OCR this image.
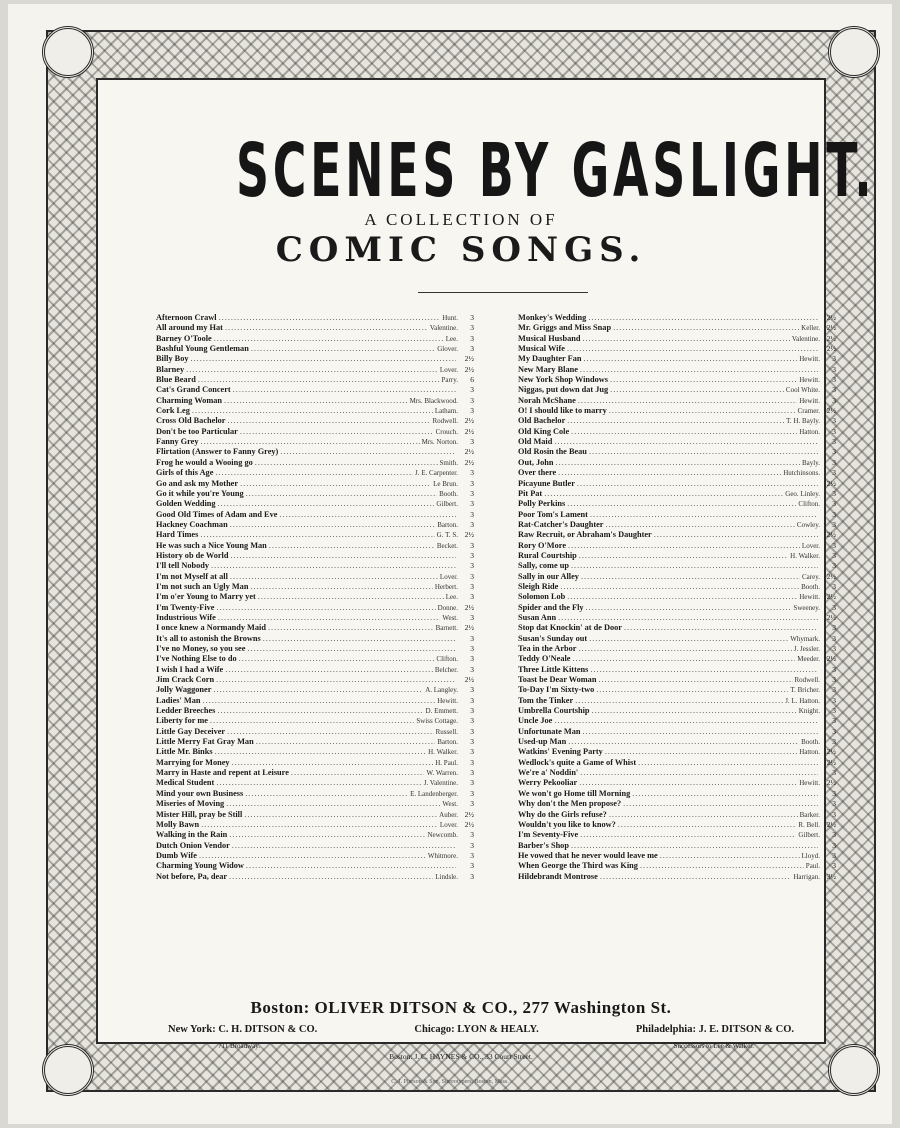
SCENES BY GASLIGHT.
A COLLECTION OF
COMIC SONGS.
Afternoon Crawl .....	Hunt.	3
All around my Hat .....	Valentine.	3
Barney O'Toole .....	Lee.	3
Bashful Young Gentleman .....	Glover.	3
Billy Boy .....	2½
Blarney .....	Lover. 2½
Blue Beard .....	Parry.	6
Cat's Grand Concert .....	3
Charming Woman .....	Mrs. Blackwood.	3
Cork Leg .....	Latham.	3
Cross Old Bachelor .....	Rodwell. 2½
Don't be too Particular .....	Crouch. 2½
Fanny Grey .....	Mrs. Norton.	3
Flirtation (Answer to Fanny Grey) .....	2½
Frog he would a Wooing go .....	Smith. 2½
Girls of this Age .....	J. E. Carpenter.	3
Go and ask my Mother .....	Le Brun.	3
Go it while you're Young .....	Booth.	3
Golden Wedding .....	Gilbert.	3
Good Old Times of Adam and Eve .....	3
Hackney Coachman .....	Barton.	3
Hard Times .....	G. T. S. 2½
He was such a Nice Young Man .....	Becket.	3
History ob de World .....	3
I'll tell Nobody .....	3
I'm not Myself at all .....	Lover.	3
I'm not such an Ugly Man .....	Herbert.	3
I'm o'er Young to Marry yet .....	Lee.	3
I'm Twenty-Five .....	Donne. 2½
Industrious Wife .....	West.	3
I once knew a Normandy Maid .....	Barnett. 2½
It's all to astonish the Browns .....	3
I've no Money, so you see .....	3
I've Nothing Else to do .....	Clifton.	3
I wish I had a Wife .....	Belcher.	3
Jim Crack Corn .....	2½
Jolly Waggoner .....	A. Langley.	3
Ladies' Man .....	Hewitt.	3
Ledder Breeches .....	D. Emmett.	3
Liberty for me .....	Swiss Cottage.	3
Little Gay Deceiver .....	Russell.	3
Little Merry Fat Gray Man .....	Barton.	3
Little Mr. Binks .....	H. Walker.	3
Marrying for Money .....	H. Paul.	3
Marry in Haste and repent at Leisure .....	W. Warren.	3
Medical Student .....	J. Valentine.	3
Mind your own Business .....	E. Landenberger.	3
Miseries of Moving .....	West.	3
Mister Hill, pray be Still .....	Auber. 2½
Molly Bawn .....	Lover. 2½
Walking in the Rain .....	Newcomb.	3
Dutch Onion Vendor .....	3
Dumb Wife .....	Whitmore.	3
Charming Young Widow .....	3
Not before, Pa, dear .....	Lindsle.	3
Monkey's Wedding .....	2½
Mr. Griggs and Miss Snap .....	Keller. 2½
Musical Husband .....	Valentine. 2½
Musical Wife .....	2½
My Daughter Fan .....	Hewitt.	3
New Mary Blane .....	3
New York Shop Windows .....	Hewitt.	3
Niggas, put down dat Jug .....	Cool White.	3
Norah McShane .....	Hewitt.	3
O! I should like to marry .....	Cramer. 2½
Old Bachelor .....	T. H. Bayly.	3
Old King Cole .....	Hatton.	3
Old Maid .....	3
Old Rosin the Beau .....	3
Out, John .....	Bayly.	3
Over there .....	Hutchinsons.	3
Picayune Butler .....	2½
Pit Pat .....	Geo. Linley.	3
Polly Perkins .....	Clifton.	3
Poor Tom's Lament .....	3
Rat-Catcher's Daughter .....	Cowley.	3
Raw Recruit, or Abraham's Daughter .....	2½
Rory O'More .....	Lover.	3
Rural Courtship .....	H. Walker.	3
Sally, come up .....	3
Sally in our Alley .....	Carey. 2½
Sleigh Ride .....	Booth.	3
Solomon Lob .....	Hewitt. 2½
Spider and the Fly .....	Sweeney.	3
Susan Ann .....	2½
Stop dat Knockin' at de Door .....	3
Susan's Sunday out .....	Whymark.	3
Tea in the Arbor .....	J. Jessler.	3
Teddy O'Neale .....	Meeder. 2½
Three Little Kittens .....	3
Toast be Dear Woman .....	Rodwell.	3
To-Day I'm Sixty-two .....	T. Bricher.	3
Tom the Tinker .....	J. L. Hatton.	3
Umbrella Courtship .....	Knight.	3
Uncle Joe .....	3
Unfortunate Man .....	3
Used-up Man .....	Booth.	3
Watkins' Evening Party .....	Hatton. 2½
Wedlock's quite a Game of Whist .....	2½
We're a' Noddin' .....	3
Werry Pekooliar .....	Hewitt. 2½
We won't go Home till Morning .....	3
Why don't the Men propose? .....	3
Why do the Girls refuse? .....	Barker.	3
Wouldn't you like to know? .....	R. Bell. 2½
I'm Seventy-Five .....	Gilbert.	3
Barber's Shop .....	3
He vowed that he never would leave me .....	Lloyd.	3
When George the Third was King .....	Paul.	3
Hildebrandt Montrose .....	Harrigan. 3½
Boston: OLIVER DITSON & CO., 277 Washington St.
New York: C. H. DITSON & CO.	Chicago: LYON & HEALY.	Philadelphia: J. E. DITSON & CO.
711 Broadway.	Successors to Lee & Walker.
Boston: J. C. HAYNES & CO., 33 Court Street.
C. J. Pierson & Son, Stereotypers, Boston, Mass.
